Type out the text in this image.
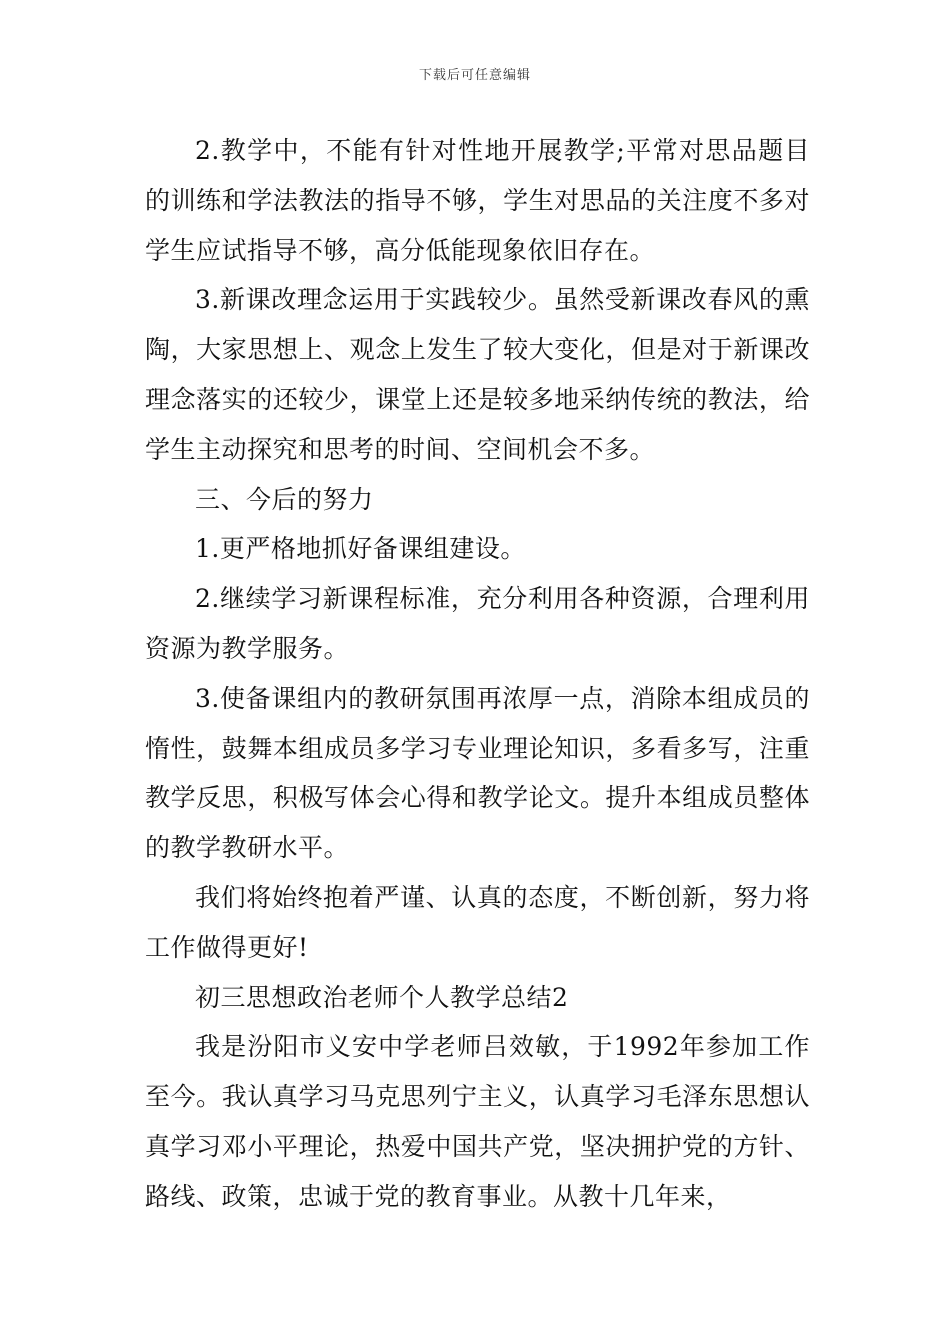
下载后可任意编辑

2.教学中，不能有针对性地开展教学;平常对思品题目的训练和学法教法的指导不够，学生对思品的关注度不多对学生应试指导不够，高分低能现象依旧存在。

3.新课改理念运用于实践较少。虽然受新课改春风的熏陶，大家思想上、观念上发生了较大变化，但是对于新课改理念落实的还较少，课堂上还是较多地采纳传统的教法，给学生主动探究和思考的时间、空间机会不多。

三、今后的努力

1.更严格地抓好备课组建设。

2.继续学习新课程标准，充分利用各种资源，合理利用资源为教学服务。

3.使备课组内的教研氛围再浓厚一点，消除本组成员的惰性，鼓舞本组成员多学习专业理论知识，多看多写，注重教学反思，积极写体会心得和教学论文。提升本组成员整体的教学教研水平。

我们将始终抱着严谨、认真的态度，不断创新，努力将工作做得更好!

初三思想政治老师个人教学总结2

我是汾阳市义安中学老师吕效敏，于1992年参加工作至今。我认真学习马克思列宁主义，认真学习毛泽东思想认真学习邓小平理论，热爱中国共产党，坚决拥护党的方针、路线、政策，忠诚于党的教育事业。从教十几年来，
